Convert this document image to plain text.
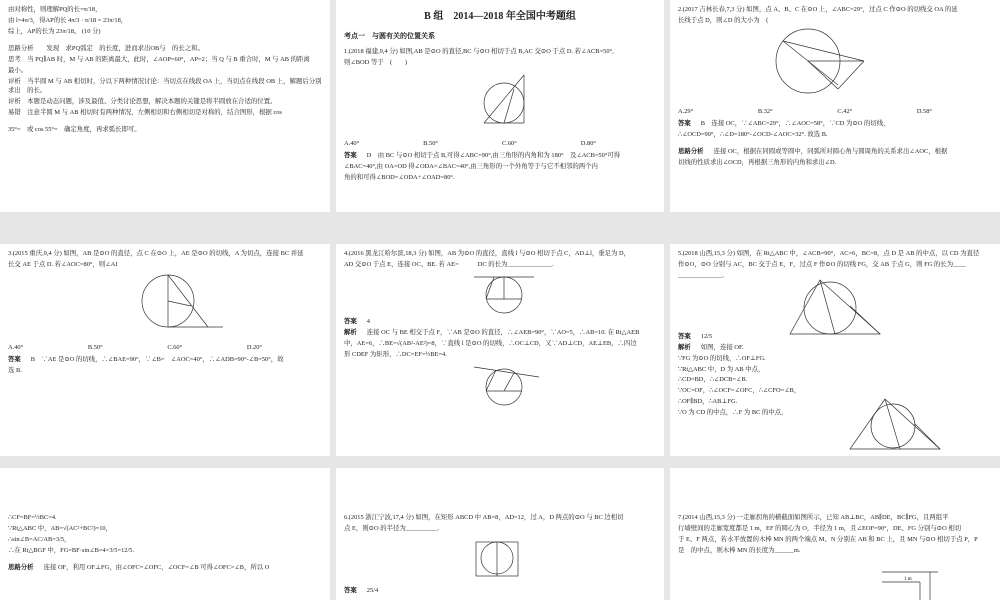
由对称性，则理解PQ的长=π/18，

由 l=4π/3，得AP的长 4π/3 · π/18 = 23π/18，

综上，AP的长为 23π/18。 (10 分)

思路分析　　发现　求PQ弧定　的长度，进而求出OB与　的长之和。

思考　当 PQ∥AB 时，M 与 AB 的距离最大，此时，∠AOP=60°，AP=2；当 Q 与 B 重合时，M 与 AB 的距离

最小。

评析　当半圆 M 与 AB 相切时，分以下两种情况讨论：当切点在线段 OA 上，当切点在线段 OB 上，解题后分别求出　的长。

评析　本题是动态问题，涉及最值、分类讨论思想，解决本题的关键是将半圆放在合适的位置。

易错　注意半圆 M 与 AB 相切时有两种情况，左侧相切和右侧相切是对称的，结合图形，根据 cos

35°=　或 cos 55°=　确定角度，再求弧长即可。

B 组　2014—2018 年全国中考题组
考点一　与圆有关的位置关系

1.(2018 福建,9,4 分) 如图,AB 是⊙O 的直径,BC 与⊙O 相切于点 B,AC 交⊙O 于点 D. 若∠ACB=50°,

则∠BOD 等于　(　　)

A.40°	B.50°	C.60°	D.80°

答案 D　由 BC 与⊙O 相切于点 B,可得∠ABC=90°,由三角形的内角和为 180°　及∠ACB=50°可得

∠BAC=40°,由 OA=OD 得∠ODA=∠BAC=40°,由三角形的一个外角等于与它不相邻的两个内

角的和可得∠BOD=∠ODA+∠OAD=80°.

2.(2017 吉林长春,7,3 分) 如图，点 A、B、C 在⊙O 上，∠ABC=29°，过点 C 作⊙O 的切线交 OA 的延

长线于点 D，则∠D 的大小为　(

A.29°	B.32°	C.42°	D.58°

答案 B　连接 OC，∵∠ABC=29°，∴∠AOC=58°，∵CD 为⊙O 的切线，

∴∠OCD=90°，∴∠D=180°-∠OCD-∠AOC=32°. 故选 B.

思路分析 连接 OC，根据在同圆或等圆中，同弧所对圆心角与圆周角的关系求出∠AOC，根据

切线的性质求出∠OCD，再根据三角形的内角和求出∠D.

3.(2015 重庆,9,4 分) 如图，AB 是⊙O 的直径，点 C 在⊙O 上，AE 是⊙O 的切线，A 为切点，连接 BC 并延

长交 AE 于点 D. 若∠AOC=80°，则∠AI

A.40°	B.50°	C.60°	D.20°

答案 B　∵AE 是⊙O 的切线，∴∠BAE=90°，∵∠B=　∠AOC=40°，∴∠ADB=90°-∠B=50°，故

选 B.

4.(2016 黑龙江哈尔滨,18,3 分) 如图，AB 为⊙O 的直径，直线 l 与⊙O 相切于点 C，AD⊥l，垂足为 D，

AD 交⊙O 于点 E，连接 OC、BE. 若 AE=　　　DC 的长为______________.

答案 4

解析 连接 OC 与 BE 相交于点 F，∵AB 是⊙O 的直径，∴∠AEB=90°，∵AO=5，∴AB=10. 在 Rt△AEB

中，AE=6，∴BE=√(AB²-AE²)=8，∵直线 l 是⊙O 的切线，∴OC⊥CD，又∵AD⊥CD，AE⊥EB，∴四边

形 CDEF 为矩形，∴DC=EF=½BE=4.

5.(2018 山西,15,3 分) 如图，在 Rt△ABC 中，∠ACB=90°，AC=6，BC=8，点 D 是 AB 的中点，以 CD 为直径

作⊙O，⊙O 分别与 AC，BC 交于点 E，F，过点 F 作⊙O 的切线 FG，交 AB 于点 G，则 FG 的长为____

______________.

答案 12/5

解析 如图，连接 OF.

∵FG 为⊙O 的切线，∴OF⊥FG.

∵Rt△ABC 中，D 为 AB 中点，

∴CD=BD，∴∠DCB=∠B.

∵OC=OF，∴∠OCF=∠OFC，∴∠CFO=∠B，

∴OF∥BD，∴AB⊥FG.

∵O 为 CD 的中点，∴F 为 BC 的中点，

∴CF=BF=½BC=4.

∵Rt△ABC 中，AB=√(AC²+BC²)=10，

∴sin∠B=AC/AB=3/5，

∴在 Rt△BGF 中，FG=BF·sin∠B=4×3/5=12/5.

思路分析 连接 OF，利用 OF⊥FG，由∠OFC=∠OFC，∠OCF=∠B 可得∠OFC=∠B，所以 O

6.(2015 浙江宁波,17,4 分) 如图，在矩形 ABCD 中 AB=8，AD=12，过 A，D 两点的⊙O 与 BC 边相切

点 E，则⊙O 的半径为__________.

答案 25/4

7.(2014 山西,15,3 分) 一走廊拐角的横截面如图所示，已知 AB⊥BC，AB∥DE，BC∥FG，且两组平

行墙壁间的走廊宽度都是 1 m，EF 的圆心为 O，半径为 1 m，且∠EOF=90°，DE、FG 分别与⊙O 相切

于 E、F 两点，若水平放置的木棒 MN 的两个端点 M、N 分别在 AB 和 BC 上，且 MN 与⊙O 相切于点 P，P

是　的中点，则木棒 MN 的长度为______m.

1 m
